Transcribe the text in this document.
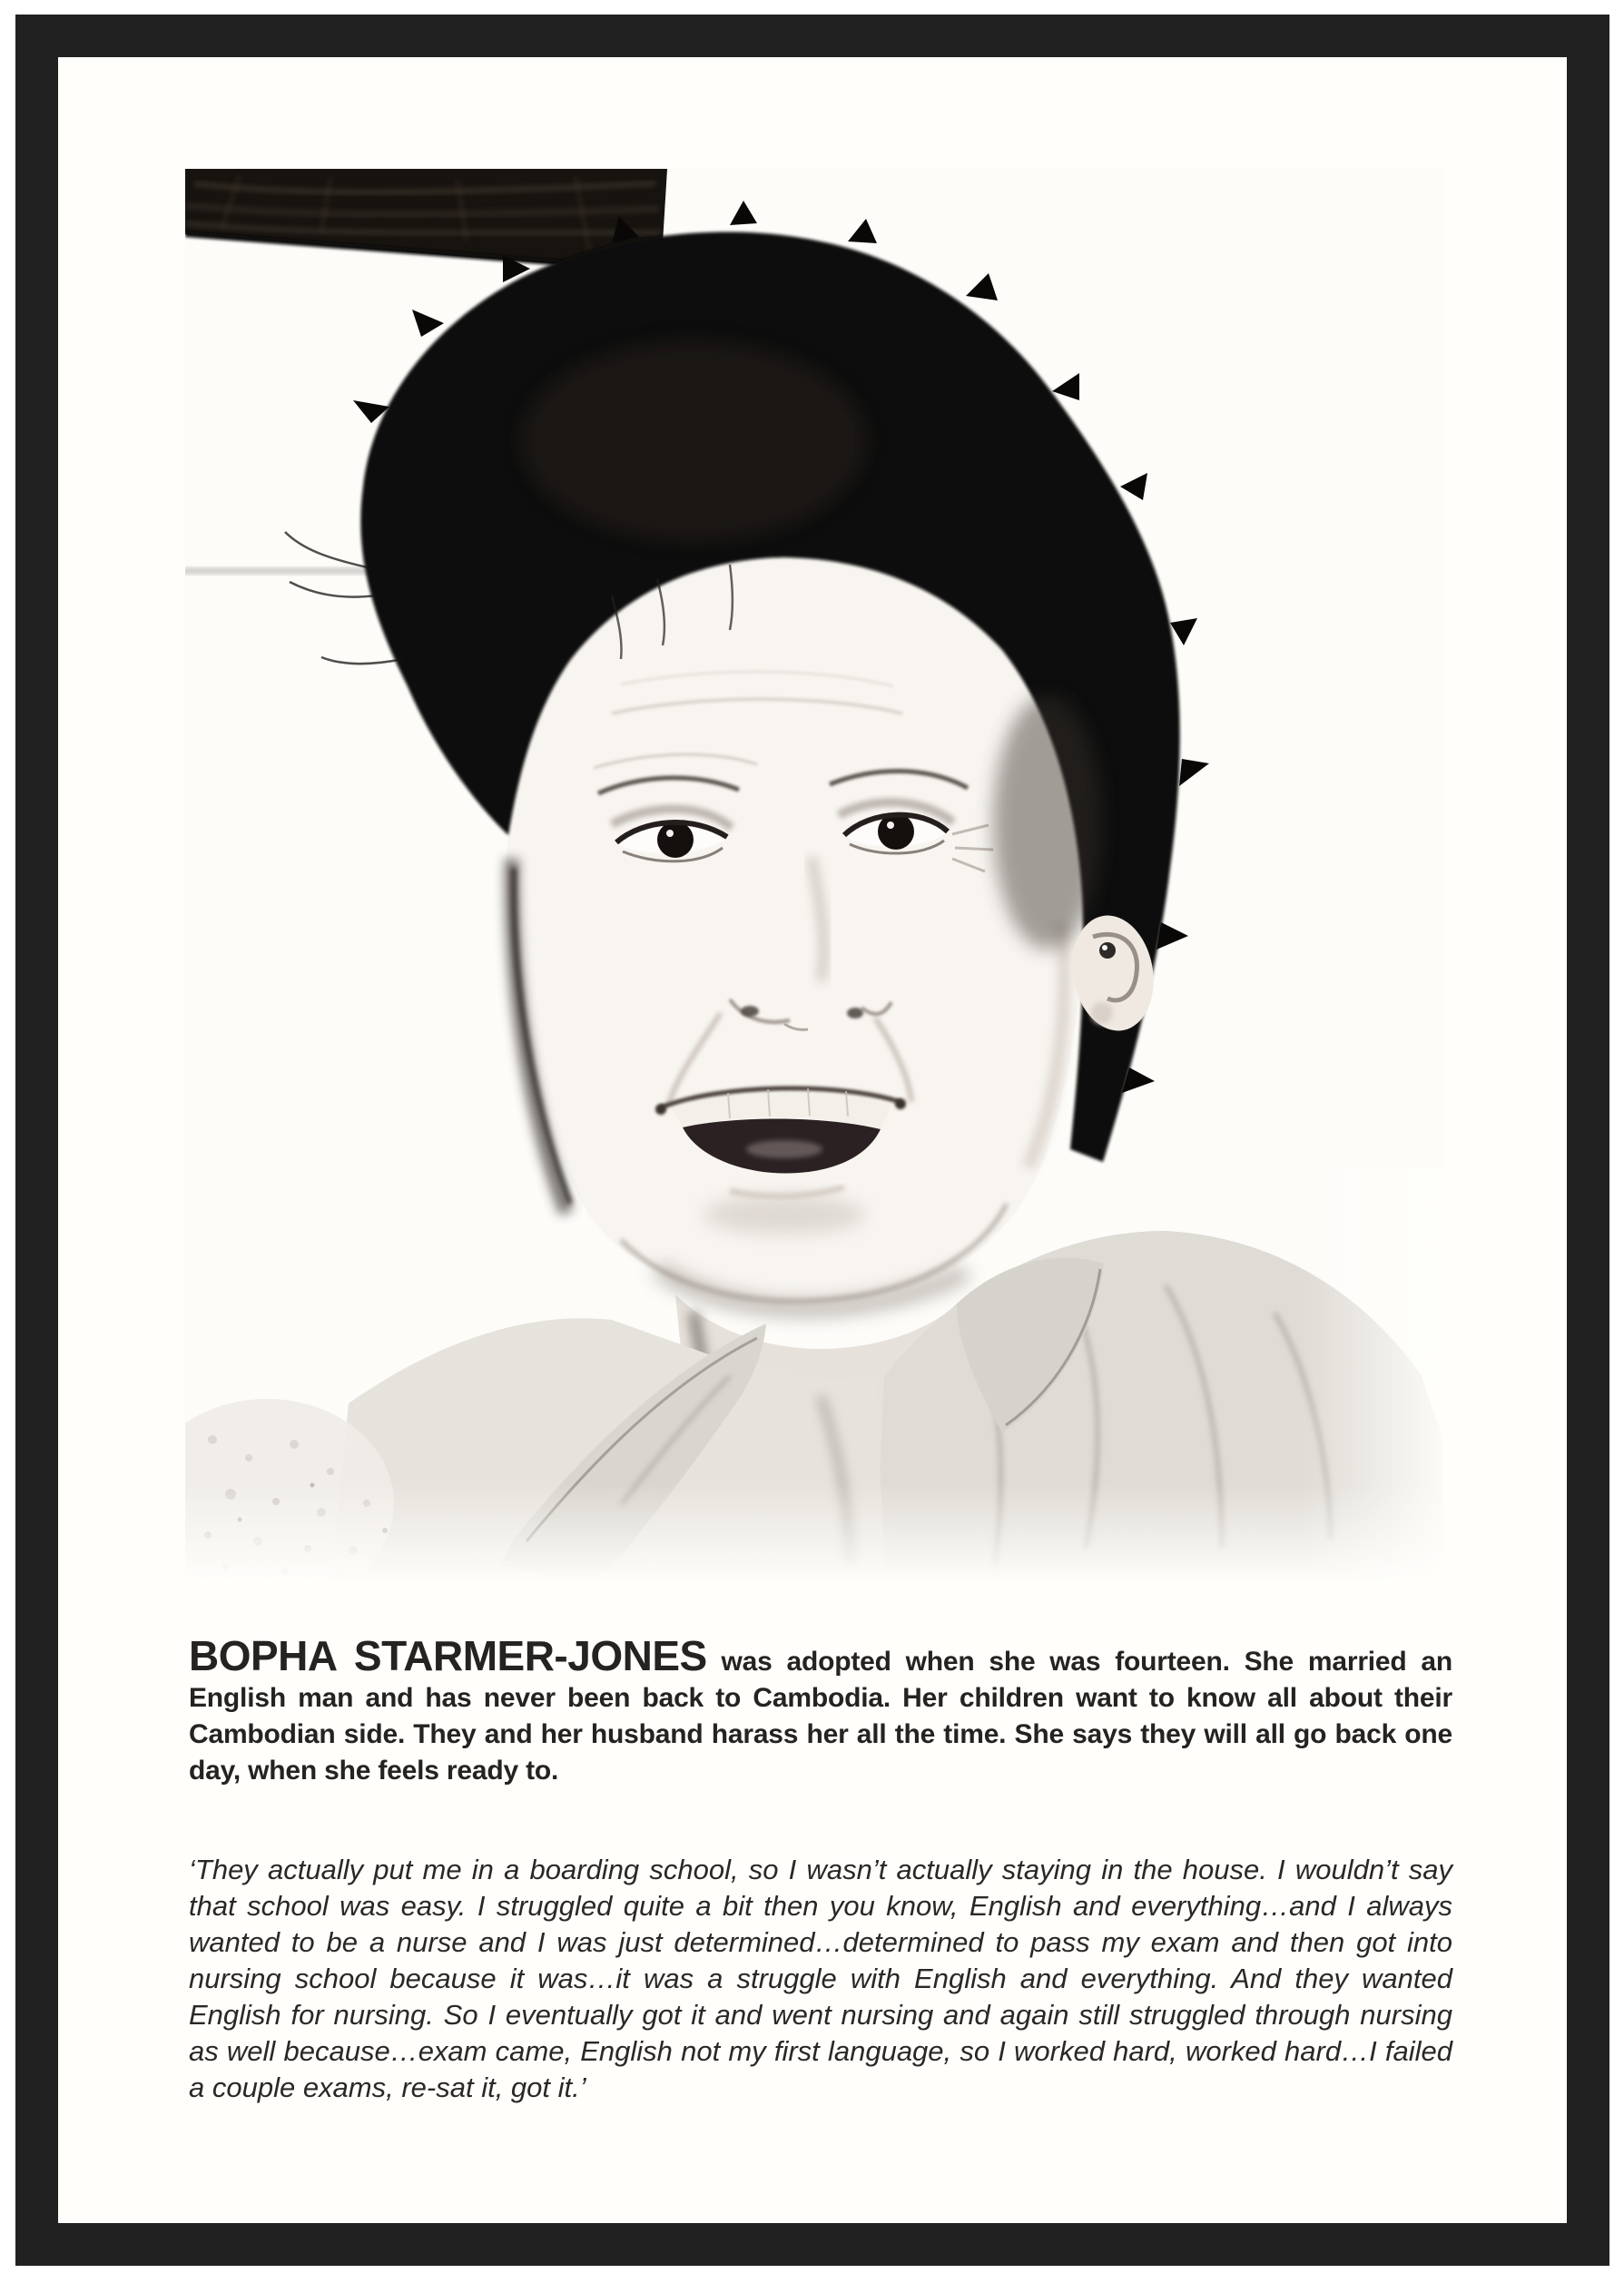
BOPHA STARMER-JONES was adopted when she was fourteen. She married an English man and has never been back to Cambodia. Her children want to know all about their Cambodian side. They and her husband harass her all the time. She says they will all go back one day, when she feels ready to.

‘They actually put me in a boarding school, so I wasn’t actually staying in the house. I wouldn’t say that school was easy. I struggled quite a bit then you know, English and everything…and I always wanted to be a nurse and I was just determined…determined to pass my exam and then got into nursing school because it was…it was a struggle with English and everything. And they wanted English for nursing. So I eventually got it and went nursing and again still struggled through nursing as well because…exam came, English not my first language, so I worked hard, worked hard…I failed a couple exams, re-sat it, got it.’
